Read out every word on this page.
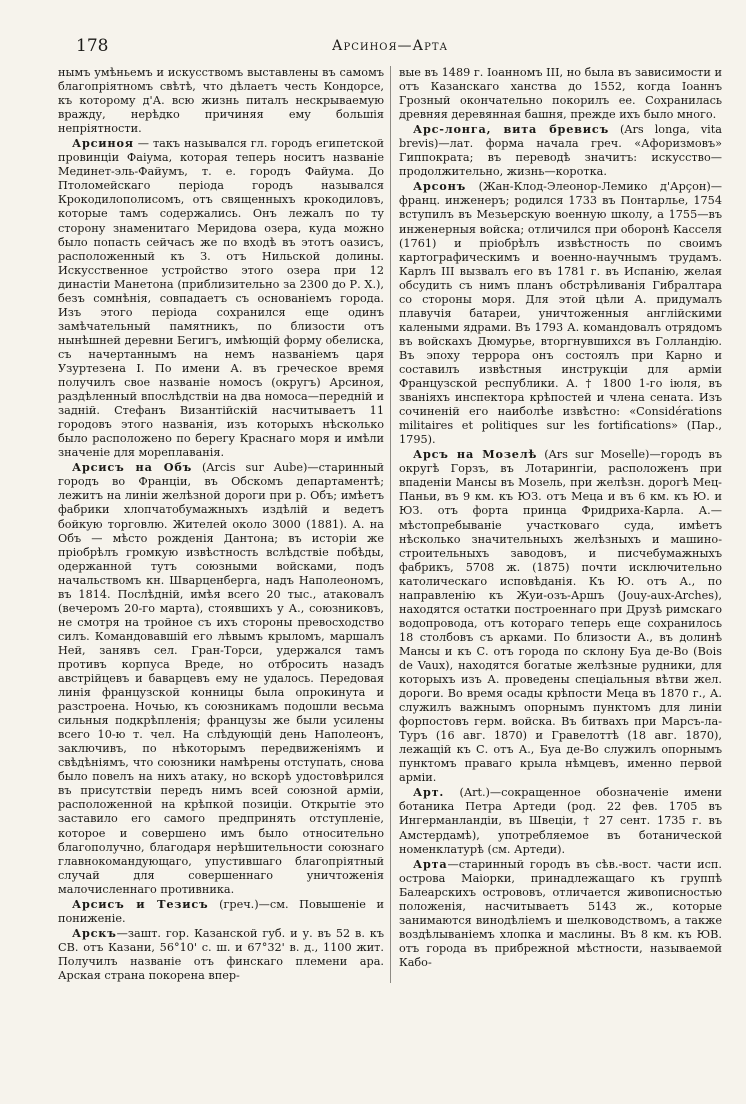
178	Арсиноя—Арта

нымъ умѣньемъ и искусствомъ выставлены въ самомъ благопріятномъ свѣтѣ, что дѣлаетъ честь Кондорсе, къ которому д'А. всю жизнь питалъ нескрываемую вражду, нерѣдко причиняя ему большія непріятности.

Арсиноя — такъ назывался гл. городъ египетской провинціи Фаіума, которая теперь носитъ названіе Мединет-эль-Файумъ, т. е. городъ Файума. До Птоломейскаго періода городъ назывался Крокодилополисомъ, отъ священныхъ крокодиловъ, которые тамъ содержались. Онъ лежалъ по ту сторону знаменитаго Меридова озера, куда можно было попасть сейчасъ же по входѣ въ этотъ оазисъ, расположенный къ З. отъ Нильской долины. Искусственное устройство этого озера при 12 династіи Манетона (приблизительно за 2300 до Р. Х.), безъ сомнѣнія, совпадаетъ съ основаніемъ города. Изъ этого періода сохранился еще одинъ замѣчательный памятникъ, по близости отъ нынѣшней деревни Бегигъ, имѣющій форму обелиска, съ начертаннымъ на немъ названіемъ царя Узуртезена I. По имени А. въ греческое время получилъ свое названіе номосъ (округъ) Арсиноя, раздѣленный впослѣдствіи на два номоса—передній и задній. Стефанъ Византійскій насчитываетъ 11 городовъ этого названія, изъ которыхъ нѣсколько было расположено по берегу Краснаго моря и имѣли значеніе для мореплаванія.

Арсисъ на Объ (Arcis sur Aube)—старинный городъ во Франціи, въ Обскомъ департаментѣ; лежитъ на линіи желѣзной дороги при р. Объ; имѣетъ фабрики хлопчатобумажныхъ издѣлій и ведетъ бойкую торговлю. Жителей около 3000 (1881). А. на Объ — мѣсто рожденія Дантона; въ исторіи же пріобрѣлъ громкую извѣстность вслѣдствіе побѣды, одержанной тутъ союзными войсками, подъ начальствомъ кн. Шварценберга, надъ Наполеономъ, въ 1814. Послѣдній, имѣя всего 20 тыс., атаковалъ (вечеромъ 20-го марта), стоявшихъ у А., союзниковъ, не смотря на тройное съ ихъ стороны превосходство силъ. Командовавшій его лѣвымъ крыломъ, маршалъ Ней, занявъ сел. Гран-Торси, удержался тамъ противъ корпуса Вреде, но отбросить назадъ австрійцевъ и баварцевъ ему не удалось. Передовая линія французской конницы была опрокинута и разстроена. Ночью, къ союзникамъ подошли весьма сильныя подкрѣпленія; французы же были усилены всего 10-ю т. чел. На слѣдующій день Наполеонъ, заключивъ, по нѣкоторымъ передвиженіямъ и свѣдѣніямъ, что союзники намѣрены отступать, снова было повелъ на нихъ атаку, но вскорѣ удостовѣрился въ присутствіи передъ нимъ всей союзной арміи, расположенной на крѣпкой позиціи. Открытіе это заставило его самого предпринять отступленіе, которое и совершено имъ было относительно благополучно, благодаря нерѣшительности союзнаго главнокомандующаго, упустившаго благопріятный случай для совершеннаго уничтоженія малочисленнаго противника.

Арсисъ и Тезисъ (греч.)—см. Повышеніе и пониженіе.

Арскъ—зашт. гор. Казанской губ. и у. въ 52 в. къ СВ. отъ Казани, 56°10' с. ш. и 67°32' в. д., 1100 жит. Получилъ названіе отъ финскаго племени ара. Арская страна покорена впер-

вые въ 1489 г. Іоанномъ III, но была въ зависимости и отъ Казанскаго ханства до 1552, когда Іоаннъ Грозный окончательно покорилъ ее. Сохранилась древняя деревянная башня, прежде ихъ было много.

Арс-лонга, вита бревисъ (Ars longa, vita brevis)—лат. форма начала греч. «Афоризмовъ» Гиппократа; въ переводѣ значитъ: искусство—продолжительно, жизнь—коротка.

Арсонъ (Жан-Клод-Элеонор-Лемико д'Арçон)—франц. инженеръ; родился 1733 въ Понтарлье, 1754 вступилъ въ Мезьерскую военную школу, а 1755—въ инженерныя войска; отличился при оборонѣ Касселя (1761) и пріобрѣлъ извѣстность по своимъ картографическимъ и военно-научнымъ трудамъ. Карлъ III вызвалъ его въ 1781 г. въ Испанію, желая обсудить съ нимъ планъ обстрѣливанія Гибралтара со стороны моря. Для этой цѣли А. придумалъ плавучія батареи, уничтоженныя англійскими калеными ядрами. Въ 1793 А. командовалъ отрядомъ въ войскахъ Дюмурье, вторгнувшихся въ Голландію. Въ эпоху террора онъ состоялъ при Карно и составилъ извѣстныя инструкціи для арміи Французской республики. А. † 1800 1-го іюля, въ званіяхъ инспектора крѣпостей и члена сената. Изъ сочиненій его наиболѣе извѣстно: «Considérations militaires et politiques sur les fortifications» (Пар., 1795).

Арсъ на Мозелѣ (Ars sur Moselle)—городъ въ округѣ Горзъ, въ Лотарингіи, расположенъ при впаденіи Мансы въ Мозель, при желѣзн. дорогѣ Мец-Паньи, въ 9 км. къ ЮЗ. отъ Меца и въ 6 км. къ Ю. и ЮЗ. отъ форта принца Фридриха-Карла. А.—мѣстопребываніе участковаго суда, имѣетъ нѣсколько значительныхъ желѣзныхъ и машино-строительныхъ заводовъ, и писчебумажныхъ фабрикъ, 5708 ж. (1875) почти исключительно католическаго исповѣданія. Къ Ю. отъ А., по направленію къ Жуи-озъ-Аршъ (Jouy-aux-Arches), находятся остатки построеннаго при Друзѣ римскаго водопровода, отъ котораго теперь еще сохранилось 18 столбовъ съ арками. По близости А., въ долинѣ Мансы и къ С. отъ города по склону Буа де-Во (Bois de Vaux), находятся богатые желѣзные рудники, для которыхъ изъ А. проведены спеціальныя вѣтви жел. дороги. Во время осады крѣпости Меца въ 1870 г., А. служилъ важнымъ опорнымъ пунктомъ для линіи форпостовъ герм. войска. Въ битвахъ при Марсъ-ла-Туръ (16 авг. 1870) и Гравелоттѣ (18 авг. 1870), лежащій къ С. отъ А., Буа де-Во служилъ опорнымъ пунктомъ праваго крыла нѣмцевъ, именно первой арміи.

Арт. (Art.)—сокращенное обозначеніе имени ботаника Петра Артеди (род. 22 фев. 1705 въ Ингерманландіи, въ Швеціи, † 27 сент. 1735 г. въ Амстердамѣ), употребляемое въ ботанической номенклатурѣ (см. Артеди).

Арта—старинный городъ въ сѣв.-вост. части исп. острова Маіорки, принадлежащаго къ группѣ Балеарскихъ острововъ, отличается живописностью положенія, насчитываетъ 5143 ж., которые занимаются винодѣліемъ и шелководствомъ, а также воздѣлываніемъ хлопка и маслины. Въ 8 км. къ ЮВ. отъ города въ прибрежной мѣстности, называемой Кабо-
